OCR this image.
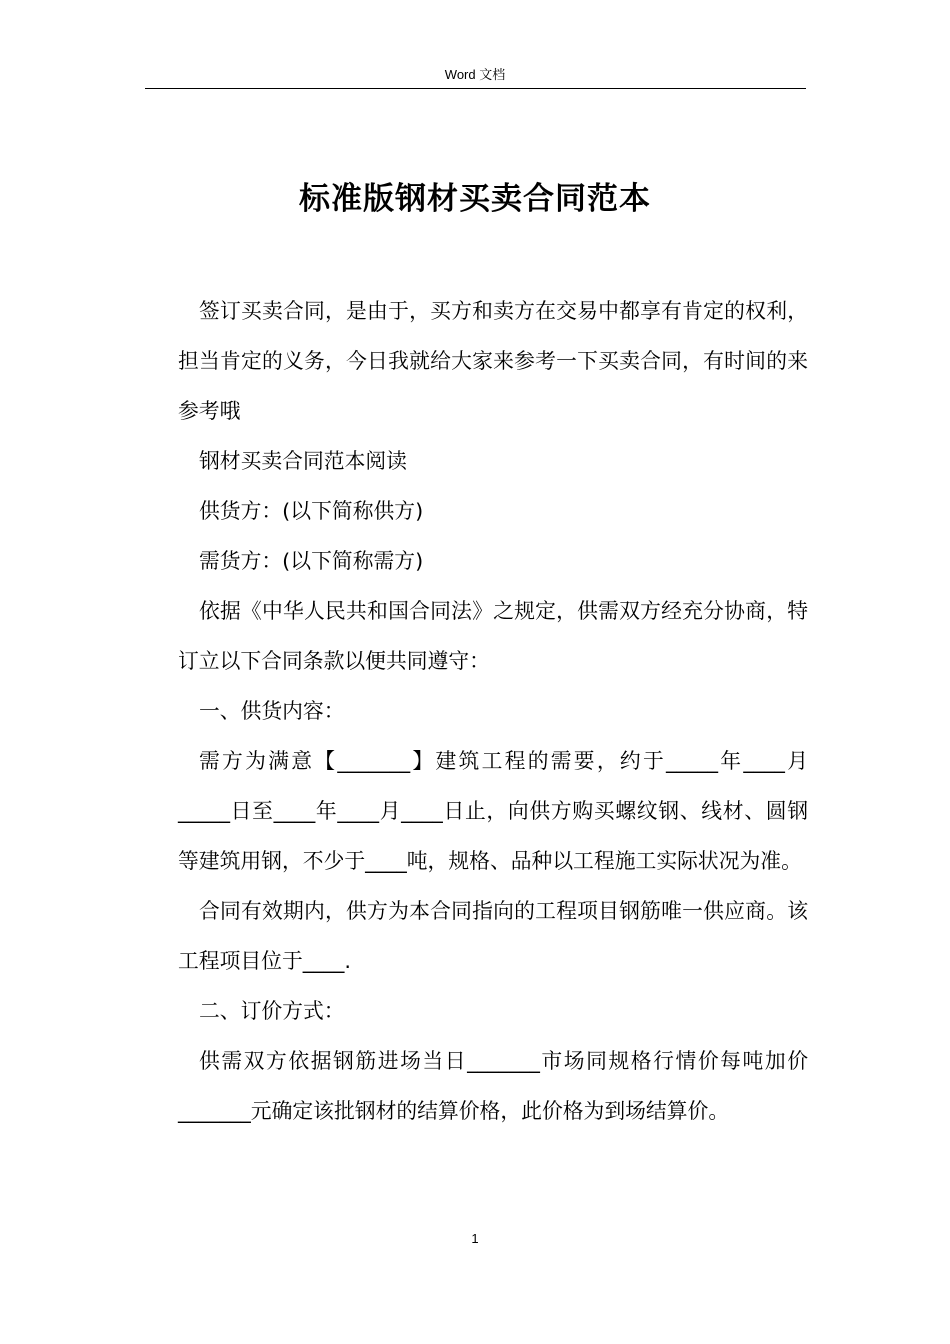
Word 文档
标准版钢材买卖合同范本

签订买卖合同，是由于，买方和卖方在交易中都享有肯定的权利，担当肯定的义务，今日我就给大家来参考一下买卖合同，有时间的来参考哦

钢材买卖合同范本阅读

供货方：(以下简称供方)

需货方：(以下简称需方)

依据《中华人民共和国合同法》之规定，供需双方经充分协商，特订立以下合同条款以便共同遵守：

一、供货内容：

需方为满意【_______】建筑工程的需要，约于_____年____月_____日至____年____月____日止，向供方购买螺纹钢、线材、圆钢等建筑用钢，不少于____吨，规格、品种以工程施工实际状况为准。

合同有效期内，供方为本合同指向的工程项目钢筋唯一供应商。该工程项目位于____.

二、订价方式：

供需双方依据钢筋进场当日_______市场同规格行情价每吨加价_______元确定该批钢材的结算价格，此价格为到场结算价。

1
